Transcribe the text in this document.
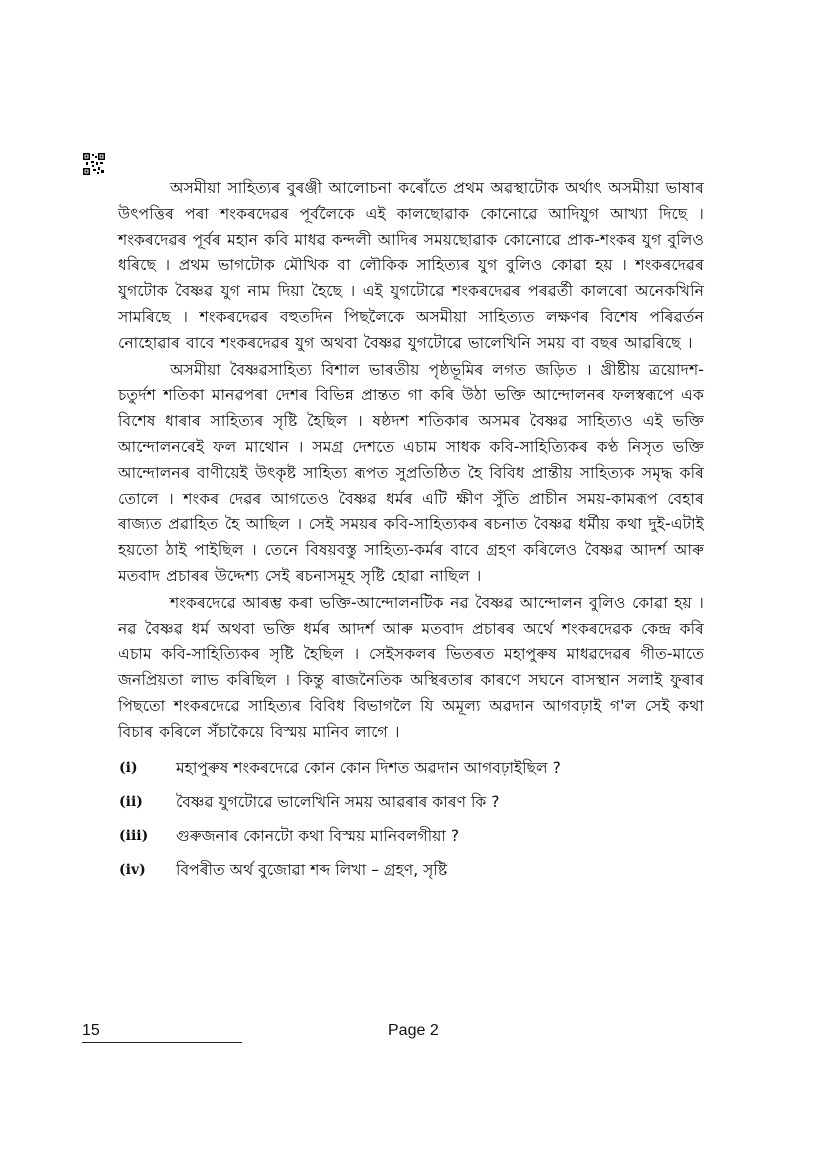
অসমীয়া সাহিত্যৰ বুৰঞ্জী আলোচনা কৰোঁতে প্ৰথম অৱস্থাটোক অৰ্থাৎ অসমীয়া ভাষাৰ উৎপত্তিৰ পৰা শংকৰদেৱৰ পূৰ্বলৈকে এই কালছোৱাক কোনোৱে আদিযুগ আখ্যা দিছে । শংকৰদেৱৰ পূৰ্বৰ মহান কবি মাধৱ কন্দলী আদিৰ সময়ছোৱাক কোনোৱে প্ৰাক-শংকৰ যুগ বুলিও ধৰিছে । প্ৰথম ভাগটোক মৌখিক বা লৌকিক সাহিত্যৰ যুগ বুলিও কোৱা হয় । শংকৰদেৱৰ যুগটোক বৈষ্ণৱ যুগ নাম দিয়া হৈছে । এই যুগটোৱে শংকৰদেৱৰ পৰৱৰ্তী কালৰো অনেকখিনি সামৰিছে । শংকৰদেৱৰ বহুতদিন পিছলৈকে অসমীয়া সাহিত্যত লক্ষণৰ বিশেষ পৰিৱৰ্তন নোহোৱাৰ বাবে শংকৰদেৱৰ যুগ অথবা বৈষ্ণৱ যুগটোৱে ভালেখিনি সময় বা বছৰ আৱৰিছে ।

অসমীয়া বৈষ্ণৱসাহিত্য বিশাল ভাৰতীয় পৃষ্ঠভূমিৰ লগত জড়িত । খ্ৰীষ্টীয় ত্ৰয়োদশ-চতুৰ্দশ শতিকা মানৱপৰা দেশৰ বিভিন্ন প্ৰান্তত গা কৰি উঠা ভক্তি আন্দোলনৰ ফলস্বৰূপে এক বিশেষ ধাৰাৰ সাহিত্যৰ সৃষ্টি হৈছিল । ষষ্ঠদশ শতিকাৰ অসমৰ বৈষ্ণৱ সাহিত্যও এই ভক্তি আন্দোলনৰেই ফল মাথোন । সমগ্ৰ দেশতে এচাম সাধক কবি-সাহিত্যিকৰ কণ্ঠ নিসৃত ভক্তি আন্দোলনৰ বাণীয়েই উৎকৃষ্ট সাহিত্য ৰূপত সুপ্ৰতিষ্ঠিত হৈ বিবিধ প্ৰান্তীয় সাহিত্যক সমৃদ্ধ কৰি তোলে । শংকৰ দেৱৰ আগতেও বৈষ্ণৱ ধৰ্মৰ এটি ক্ষীণ সুঁতি প্ৰাচীন সময়-কামৰূপ বেহাৰ ৰাজ্যত প্ৰৱাহিত হৈ আছিল । সেই সময়ৰ কবি-সাহিত্যকৰ ৰচনাত বৈষ্ণৱ ধৰ্মীয় কথা দুই-এটাই হয়তো ঠাই পাইছিল । তেনে বিষয়বস্তু সাহিত্য-কৰ্মৰ বাবে গ্ৰহণ কৰিলেও বৈষ্ণৱ আদৰ্শ আৰু মতবাদ প্ৰচাৰৰ উদ্দেশ্য সেই ৰচনাসমূহ সৃষ্টি হোৱা নাছিল ।

শংকৰদেৱে আৰম্ভ কৰা ভক্তি-আন্দোলনটিক নৱ বৈষ্ণৱ আন্দোলন বুলিও কোৱা হয় । নৱ বৈষ্ণৱ ধৰ্ম অথবা ভক্তি ধৰ্মৰ আদৰ্শ আৰু মতবাদ প্ৰচাৰৰ অৰ্থে শংকৰদেৱক কেন্দ্ৰ কৰি এচাম কবি-সাহিত্যিকৰ সৃষ্টি হৈছিল । সেইসকলৰ ভিতৰত মহাপুৰুষ মাধৱদেৱৰ গীত-মাতে জনপ্ৰিয়তা লাভ কৰিছিল । কিন্তু ৰাজনৈতিক অস্থিৰতাৰ কাৰণে সঘনে বাসস্থান সলাই ফুৰাৰ পিছতো শংকৰদেৱে সাহিত্যৰ বিবিধ বিভাগলৈ যি অমূল্য অৱদান আগবঢ়াই গ'ল সেই কথা বিচাৰ কৰিলে সঁচাকৈয়ে বিস্ময় মানিব লাগে ।

(i)	মহাপুৰুষ শংকৰদেৱে কোন কোন দিশত অৱদান আগবঢ়াইছিল ?
(ii)	বৈষ্ণৱ যুগটোৱে ভালেখিনি সময় আৱৰাৰ কাৰণ কি ?
(iii)	গুৰুজনাৰ কোনটো কথা বিস্ময় মানিবলগীয়া ?
(iv)	বিপৰীত অৰ্থ বুজোৱা শব্দ লিখা – গ্ৰহণ, সৃষ্টি
15	Page 2
